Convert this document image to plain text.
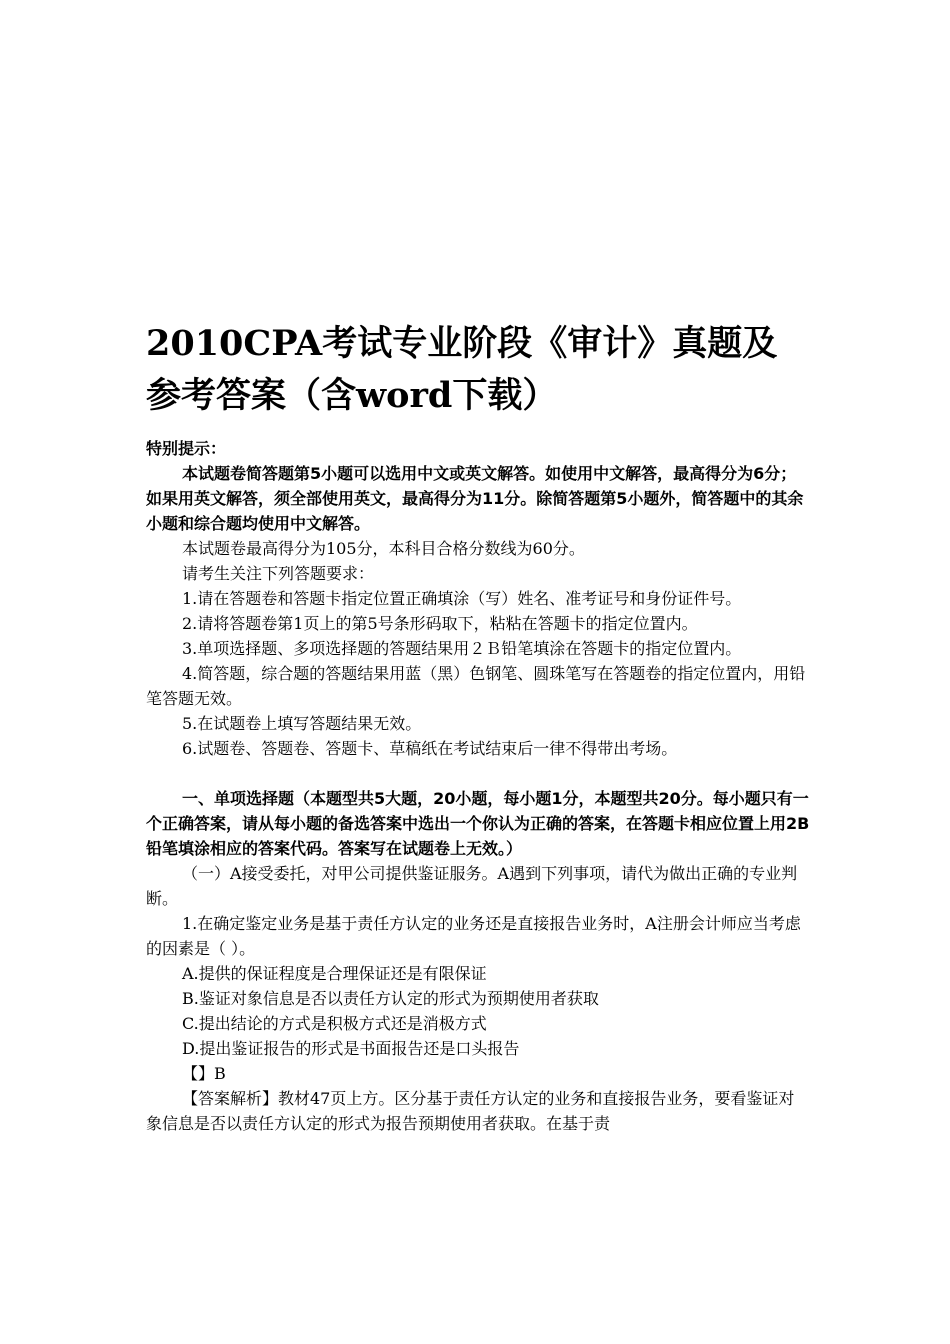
2010CPA考试专业阶段《审计》真题及参考答案（含word下载）
特别提示：

本试题卷简答题第5小题可以选用中文或英文解答。如使用中文解答，最高得分为6分；如果用英文解答，须全部使用英文，最高得分为11分。除简答题第5小题外，简答题中的其余小题和综合题均使用中文解答。

本试题卷最高得分为105分，本科目合格分数线为60分。

请考生关注下列答题要求：

1.请在答题卷和答题卡指定位置正确填涂（写）姓名、准考证号和身份证件号。

2.请将答题卷第1页上的第5号条形码取下，粘粘在答题卡的指定位置内。

3.单项选择题、多项选择题的答题结果用２Ｂ铅笔填涂在答题卡的指定位置内。

4.简答题，综合题的答题结果用蓝（黑）色钢笔、圆珠笔写在答题卷的指定位置内，用铅笔答题无效。

5.在试题卷上填写答题结果无效。

6.试题卷、答题卷、答题卡、草稿纸在考试结束后一律不得带出考场。

一、单项选择题（本题型共5大题，20小题，每小题1分，本题型共20分。每小题只有一个正确答案，请从每小题的备选答案中选出一个你认为正确的答案，在答题卡相应位置上用2B铅笔填涂相应的答案代码。答案写在试题卷上无效。）

（一）A接受委托，对甲公司提供鉴证服务。A遇到下列事项，请代为做出正确的专业判断。

1.在确定鉴定业务是基于责任方认定的业务还是直接报告业务时，A注册会计师应当考虑的因素是（ ）。

A.提供的保证程度是合理保证还是有限保证

B.鉴证对象信息是否以责任方认定的形式为预期使用者获取

C.提出结论的方式是积极方式还是消极方式

D.提出鉴证报告的形式是书面报告还是口头报告

【】B

【答案解析】教材47页上方。区分基于责任方认定的业务和直接报告业务，要看鉴证对象信息是否以责任方认定的形式为报告预期使用者获取。在基于责
